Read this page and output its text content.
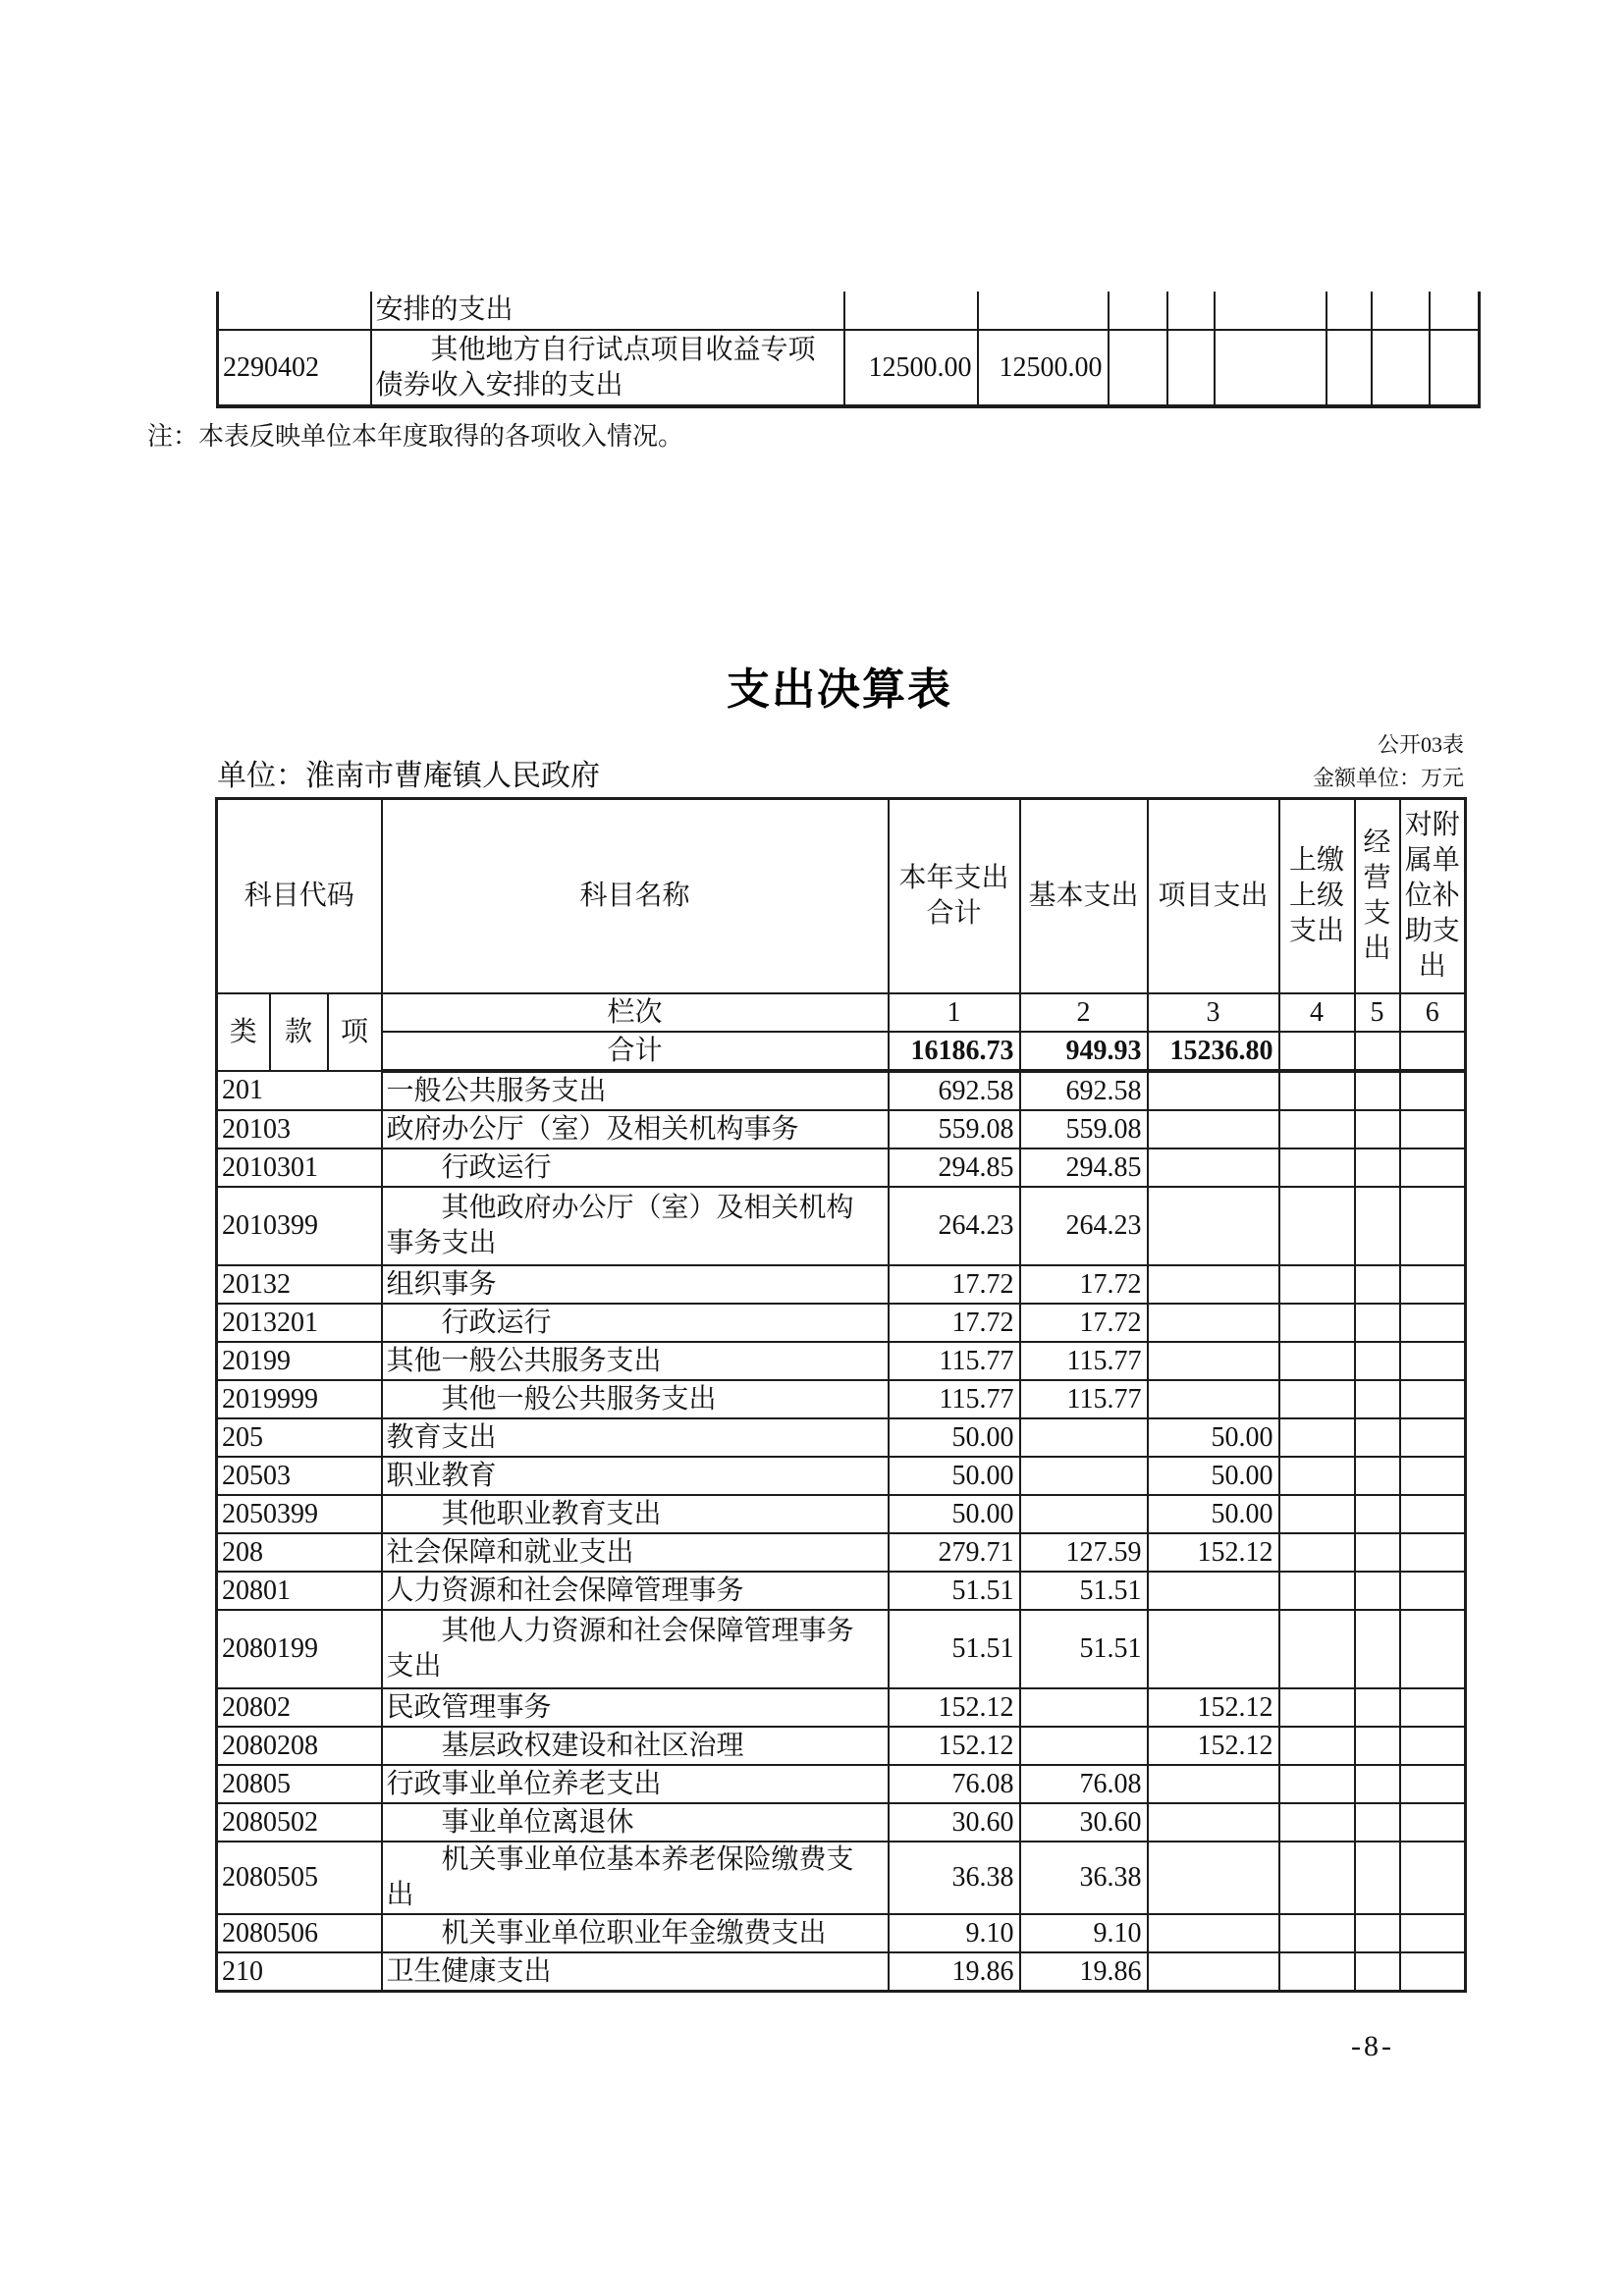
	安排的支出								
2290402	其他地方自行试点项目收益专项债券收入安排的支出	12500.00	12500.00						
注：本表反映单位本年度取得的各项收入情况。
支出决算表
公开03表
单位：淮南市曹庵镇人民政府	金额单位：万元
科目代码			科目名称	本年支出合计	基本支出	项目支出	上缴上级支出	经营支出	对附属单位补助支出
类	款	项	栏次	1	2	3	4	5	6
			合计	16186.73	949.93	15236.80			
201			一般公共服务支出	692.58	692.58				
20103			政府办公厅（室）及相关机构事务	559.08	559.08				
2010301			行政运行	294.85	294.85				
2010399			其他政府办公厅（室）及相关机构事务支出	264.23	264.23				
20132			组织事务	17.72	17.72				
2013201			行政运行	17.72	17.72				
20199			其他一般公共服务支出	115.77	115.77				
2019999			其他一般公共服务支出	115.77	115.77				
205			教育支出	50.00		50.00			
20503			职业教育	50.00		50.00			
2050399			其他职业教育支出	50.00		50.00			
208			社会保障和就业支出	279.71	127.59	152.12			
20801			人力资源和社会保障管理事务	51.51	51.51				
2080199			其他人力资源和社会保障管理事务支出	51.51	51.51				
20802			民政管理事务	152.12		152.12			
2080208			基层政权建设和社区治理	152.12		152.12			
20805			行政事业单位养老支出	76.08	76.08				
2080502			事业单位离退休	30.60	30.60				
2080505			机关事业单位基本养老保险缴费支出	36.38	36.38				
2080506			机关事业单位职业年金缴费支出	9.10	9.10				
210			卫生健康支出	19.86	19.86				
-8-
